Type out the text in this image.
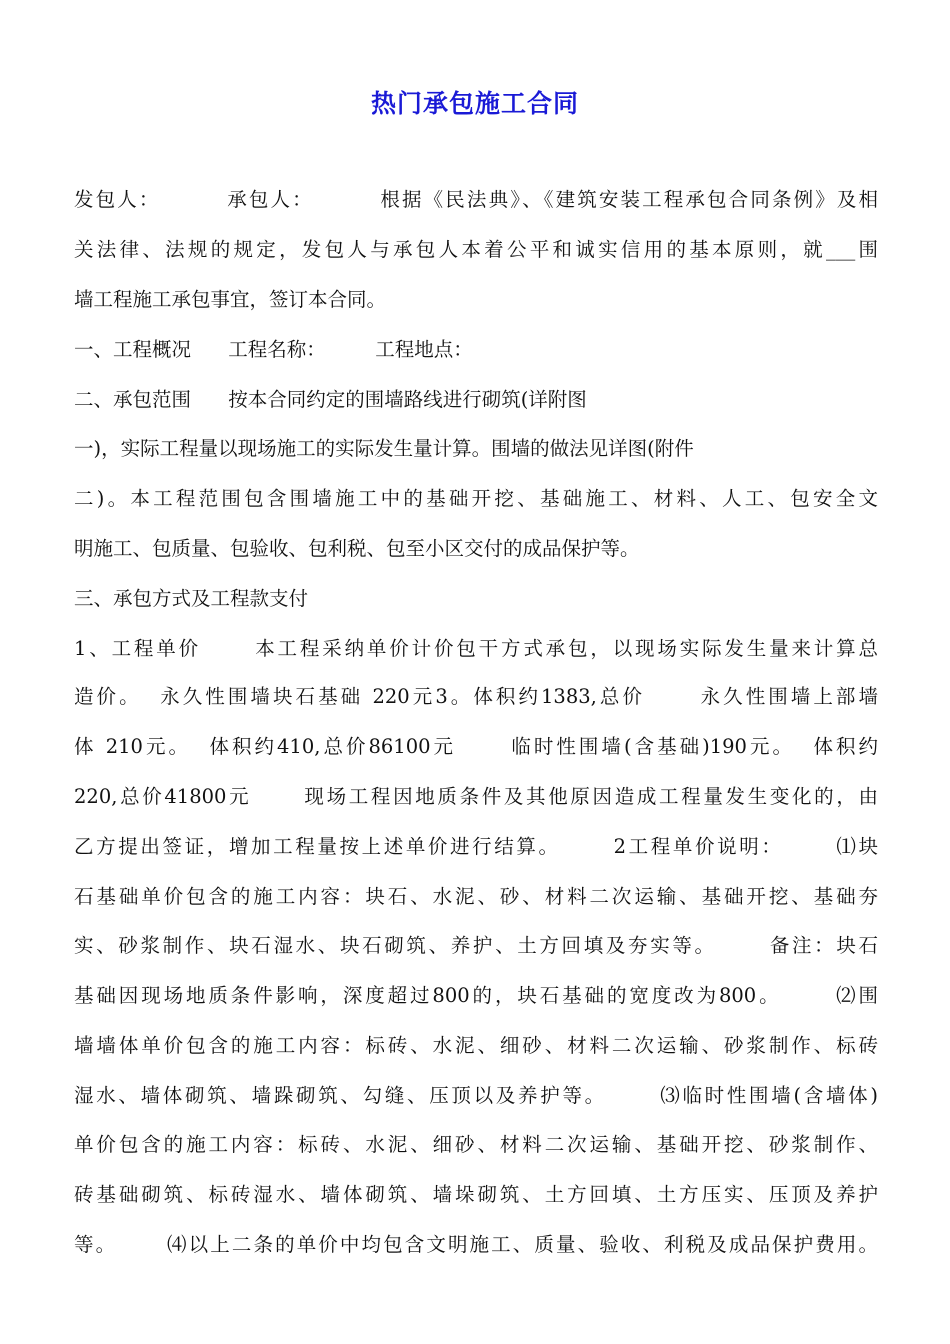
热门承包施工合同
发包人：        承包人：        根据《民法典》、《建筑安装工程承包合同条例》及相
关法律、法规的规定，发包人与承包人本着公平和诚实信用的基本原则，就___围
墙工程施工承包事宜，签订本合同。
一、工程概况      工程名称：        工程地点：
二、承包范围      按本合同约定的围墙路线进行砌筑(详附图
一)，实际工程量以现场施工的实际发生量计算。围墙的做法见详图(附件
二)。本工程范围包含围墙施工中的基础开挖、基础施工、材料、人工、包安全文
明施工、包质量、包验收、包利税、包至小区交付的成品保护等。
三、承包方式及工程款支付
1、工程单价      本工程采纳单价计价包干方式承包，以现场实际发生量来计算总
造价。  永久性围墙块石基础 220元3。体积约1383,总价      永久性围墙上部墙
体 210元。  体积约410,总价86100元      临时性围墙(含基础)190元。  体积约
220,总价41800元      现场工程因地质条件及其他原因造成工程量发生变化的，由
乙方提出签证，增加工程量按上述单价进行结算。      2工程单价说明：      ⑴块
石基础单价包含的施工内容：块石、水泥、砂、材料二次运输、基础开挖、基础夯
实、砂浆制作、块石湿水、块石砌筑、养护、土方回填及夯实等。      备注：块石
基础因现场地质条件影响，深度超过800的，块石基础的宽度改为800。      ⑵围
墙墙体单价包含的施工内容：标砖、水泥、细砂、材料二次运输、砂浆制作、标砖
湿水、墙体砌筑、墙跺砌筑、勾缝、压顶以及养护等。      ⑶临时性围墙(含墙体)
单价包含的施工内容：标砖、水泥、细砂、材料二次运输、基础开挖、砂浆制作、
砖基础砌筑、标砖湿水、墙体砌筑、墙垛砌筑、土方回填、土方压实、压顶及养护
等。      ⑷以上二条的单价中均包含文明施工、质量、验收、利税及成品保护费用。
